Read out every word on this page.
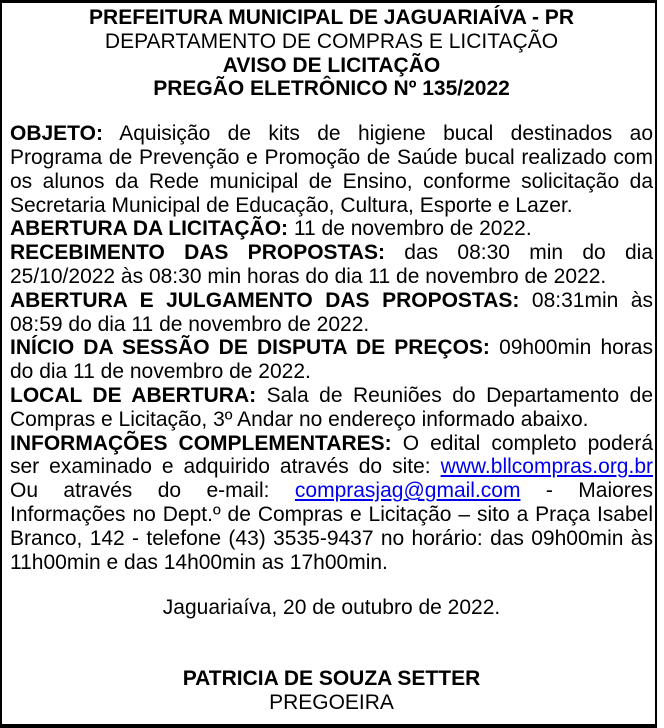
PREFEITURA MUNICIPAL DE JAGUARIAÍVA - PR

DEPARTAMENTO DE COMPRAS E LICITAÇÃO

AVISO DE LICITAÇÃO

PREGÃO ELETRÔNICO Nº 135/2022

OBJETO: Aquisição de kits de higiene bucal destinados ao Programa de Prevenção e Promoção de Saúde bucal realizado com os alunos da Rede municipal de Ensino, conforme solicitação da Secretaria Municipal de Educação, Cultura, Esporte e Lazer.

ABERTURA DA LICITAÇÃO: 11 de novembro de 2022.

RECEBIMENTO DAS PROPOSTAS: das 08:30 min do dia 25/10/2022 às 08:30 min horas do dia 11 de novembro de 2022.

ABERTURA E JULGAMENTO DAS PROPOSTAS: 08:31min às 08:59 do dia 11 de novembro de 2022.

INÍCIO DA SESSÃO DE DISPUTA DE PREÇOS: 09h00min horas do dia 11 de novembro de 2022.

LOCAL DE ABERTURA: Sala de Reuniões do Departamento de Compras e Licitação, 3º Andar no endereço informado abaixo.

INFORMAÇÕES COMPLEMENTARES: O edital completo poderá ser examinado e adquirido através do site: www.bllcompras.org.br Ou através do e-mail: comprasjag@gmail.com - Maiores Informações no Dept.º de Compras e Licitação – sito a Praça Isabel Branco, 142 - telefone (43) 3535-9437 no horário: das 09h00min às 11h00min e das 14h00min as 17h00min.

Jaguariaíva, 20 de outubro de 2022.
PATRICIA DE SOUZA SETTER
PREGOEIRA
